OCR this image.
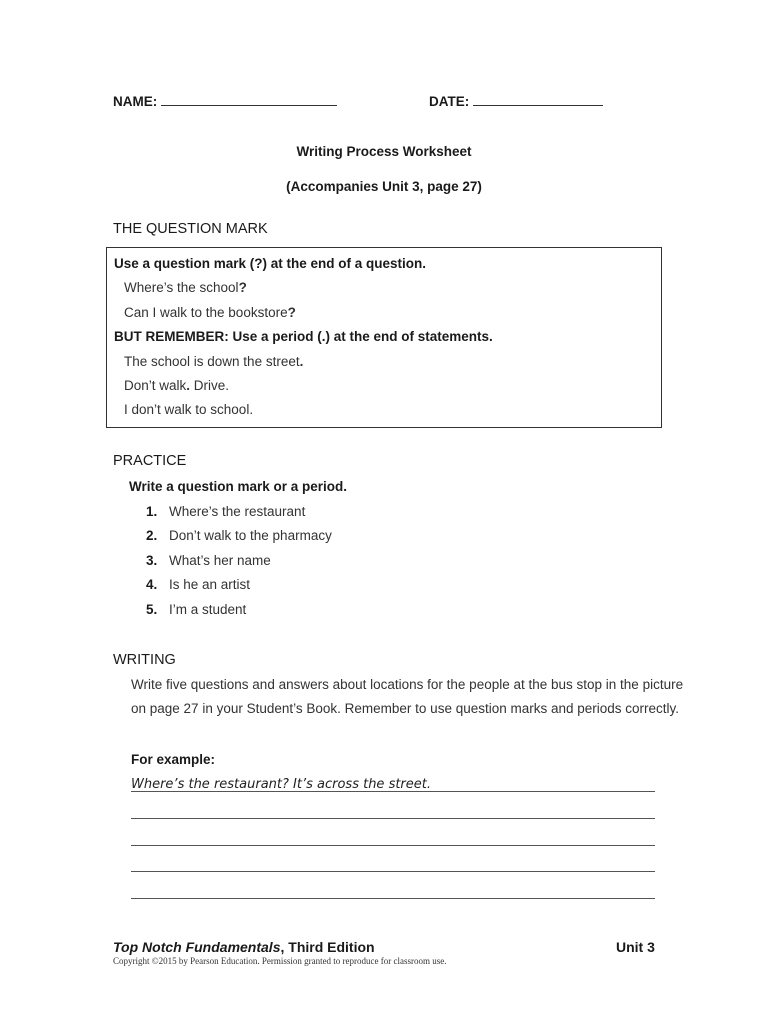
NAME:	DATE:
Writing Process Worksheet
(Accompanies Unit 3, page 27)
THE QUESTION MARK
Use a question mark (?) at the end of a question.
Where’s the school?
Can I walk to the bookstore?
BUT REMEMBER: Use a period (.) at the end of statements.
The school is down the street.
Don’t walk. Drive.
I don’t walk to school.
PRACTICE
Write a question mark or a period.
1. Where’s the restaurant
2. Don’t walk to the pharmacy
3. What’s her name
4. Is he an artist
5. I’m a student
WRITING
Write five questions and answers about locations for the people at the bus stop in the picture on page 27 in your Student’s Book. Remember to use question marks and periods correctly.
For example:
Where’s the restaurant? It’s across the street.
Top Notch Fundamentals, Third Edition	Unit 3
Copyright ©2015 by Pearson Education. Permission granted to reproduce for classroom use.
